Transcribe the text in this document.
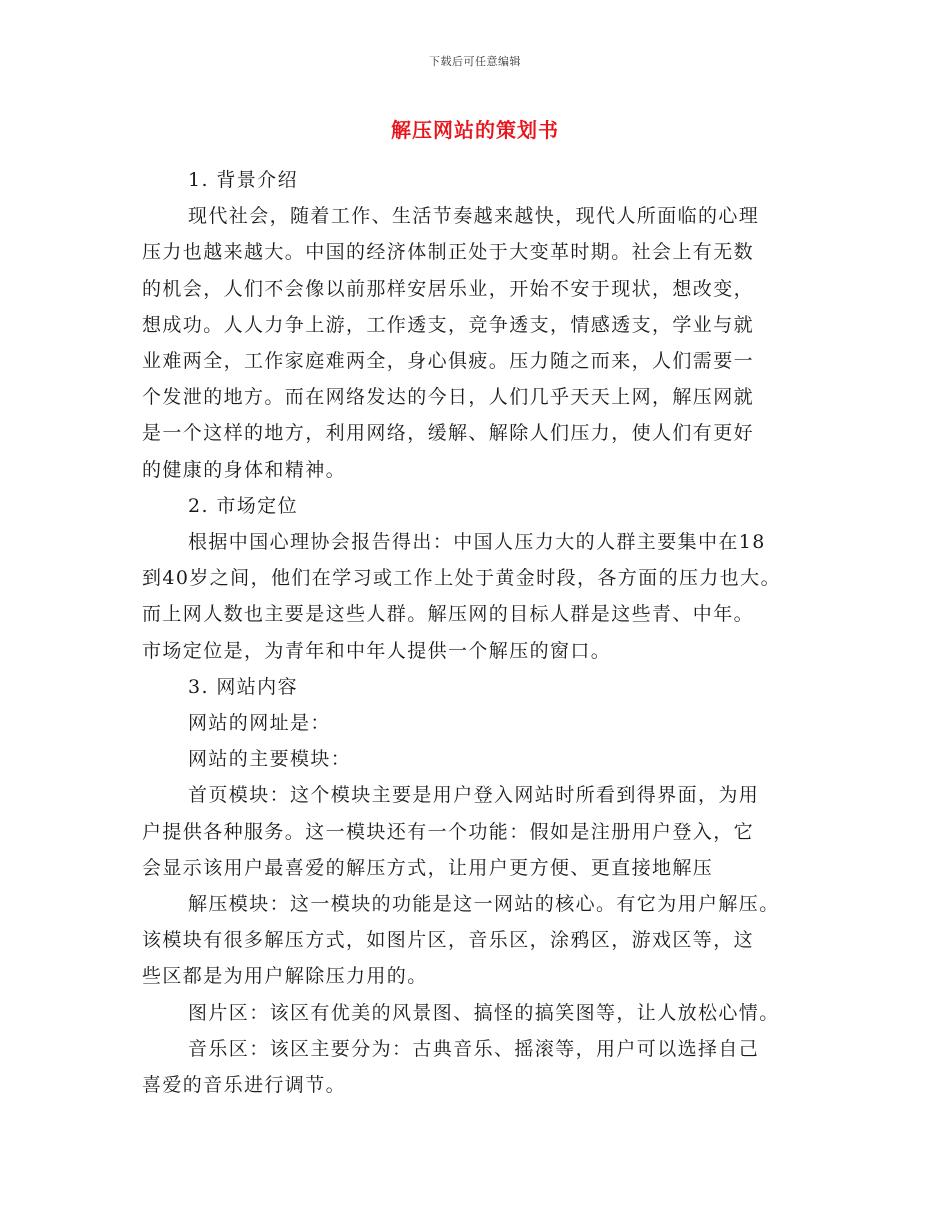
下载后可任意编辑
解压网站的策划书

1. 背景介绍

现代社会，随着工作、生活节奏越来越快，现代人所面临的心理
压力也越来越大。中国的经济体制正处于大变革时期。社会上有无数
的机会，人们不会像以前那样安居乐业，开始不安于现状，想改变，
想成功。人人力争上游，工作透支，竞争透支，情感透支，学业与就
业难两全，工作家庭难两全，身心俱疲。压力随之而来，人们需要一
个发泄的地方。而在网络发达的今日，人们几乎天天上网，解压网就
是一个这样的地方，利用网络，缓解、解除人们压力，使人们有更好
的健康的身体和精神。

2. 市场定位

根据中国心理协会报告得出：中国人压力大的人群主要集中在18
到40岁之间，他们在学习或工作上处于黄金时段，各方面的压力也大。
而上网人数也主要是这些人群。解压网的目标人群是这些青、中年。
市场定位是，为青年和中年人提供一个解压的窗口。

3. 网站内容

网站的网址是：

网站的主要模块：

首页模块：这个模块主要是用户登入网站时所看到得界面，为用
户提供各种服务。这一模块还有一个功能：假如是注册用户登入，它
会显示该用户最喜爱的解压方式，让用户更方便、更直接地解压

解压模块：这一模块的功能是这一网站的核心。有它为用户解压。
该模块有很多解压方式，如图片区，音乐区，涂鸦区，游戏区等，这
些区都是为用户解除压力用的。

图片区：该区有优美的风景图、搞怪的搞笑图等，让人放松心情。

音乐区：该区主要分为：古典音乐、摇滚等，用户可以选择自己
喜爱的音乐进行调节。
